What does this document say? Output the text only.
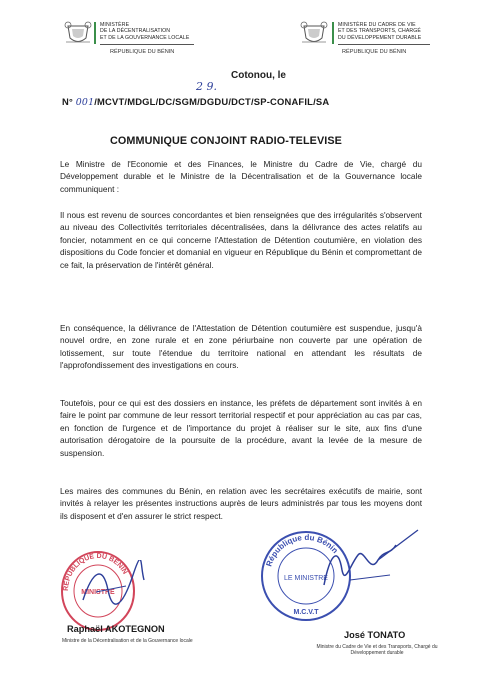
MINISTÈRE
DE LA DÉCENTRALISATION
ET DE LA GOUVERNANCE LOCALE
RÉPUBLIQUE DU BÉNIN
MINISTÈRE DU CADRE DE VIE
ET DES TRANSPORTS, CHARGÉ
DU DÉVELOPPEMENT DURABLE
RÉPUBLIQUE DU BÉNIN
Cotonou, le
2 9.
N° 001/MCVT/MDGL/DC/SGM/DGDU/DCT/SP-CONAFIL/SA
COMMUNIQUE CONJOINT RADIO-TELEVISE
Le Ministre de l'Economie et des Finances, le Ministre du Cadre de Vie, chargé du Développement durable et le Ministre de la Décentralisation et de la Gouvernance locale communiquent :
Il nous est revenu de sources concordantes et bien renseignées que des irrégularités s'observent au niveau des Collectivités territoriales décentralisées, dans la délivrance des actes relatifs au foncier, notamment en ce qui concerne l'Attestation de Détention coutumière, en violation des dispositions du Code foncier et domanial en vigueur en République du Bénin et compromettant de ce fait, la préservation de l'intérêt général.
En conséquence, la délivrance de l'Attestation de Détention coutumière est suspendue, jusqu'à nouvel ordre, en zone rurale et en zone périurbaine non couverte par une opération de lotissement, sur toute l'étendue du territoire national en attendant les résultats de l'approfondissement des investigations en cours.
Toutefois, pour ce qui est des dossiers en instance, les préfets de département sont invités à en faire le point par commune de leur ressort territorial respectif et pour appréciation au cas par cas, en fonction de l'urgence et de l'importance du projet à réaliser sur le site, aux fins d'une autorisation dérogatoire de la poursuite de la procédure, avant la levée de la mesure de suspension.
Les maires des communes du Bénin, en relation avec les secrétaires exécutifs de mairie, sont invités à relayer les présentes instructions auprès de leurs administrés par tous les moyens dont ils disposent et d'en assurer le strict respect.
RÉPUBLIQUE DU BÉNIN
MINISTRE
Raphaël AKOTEGNON
Ministre de la Décentralisation et de la Gouvernance locale
République du Bénin
LE MINISTRE
M.C.V.T
José TONATO
Ministre du Cadre de Vie et des Transports, Chargé du Développement durable
